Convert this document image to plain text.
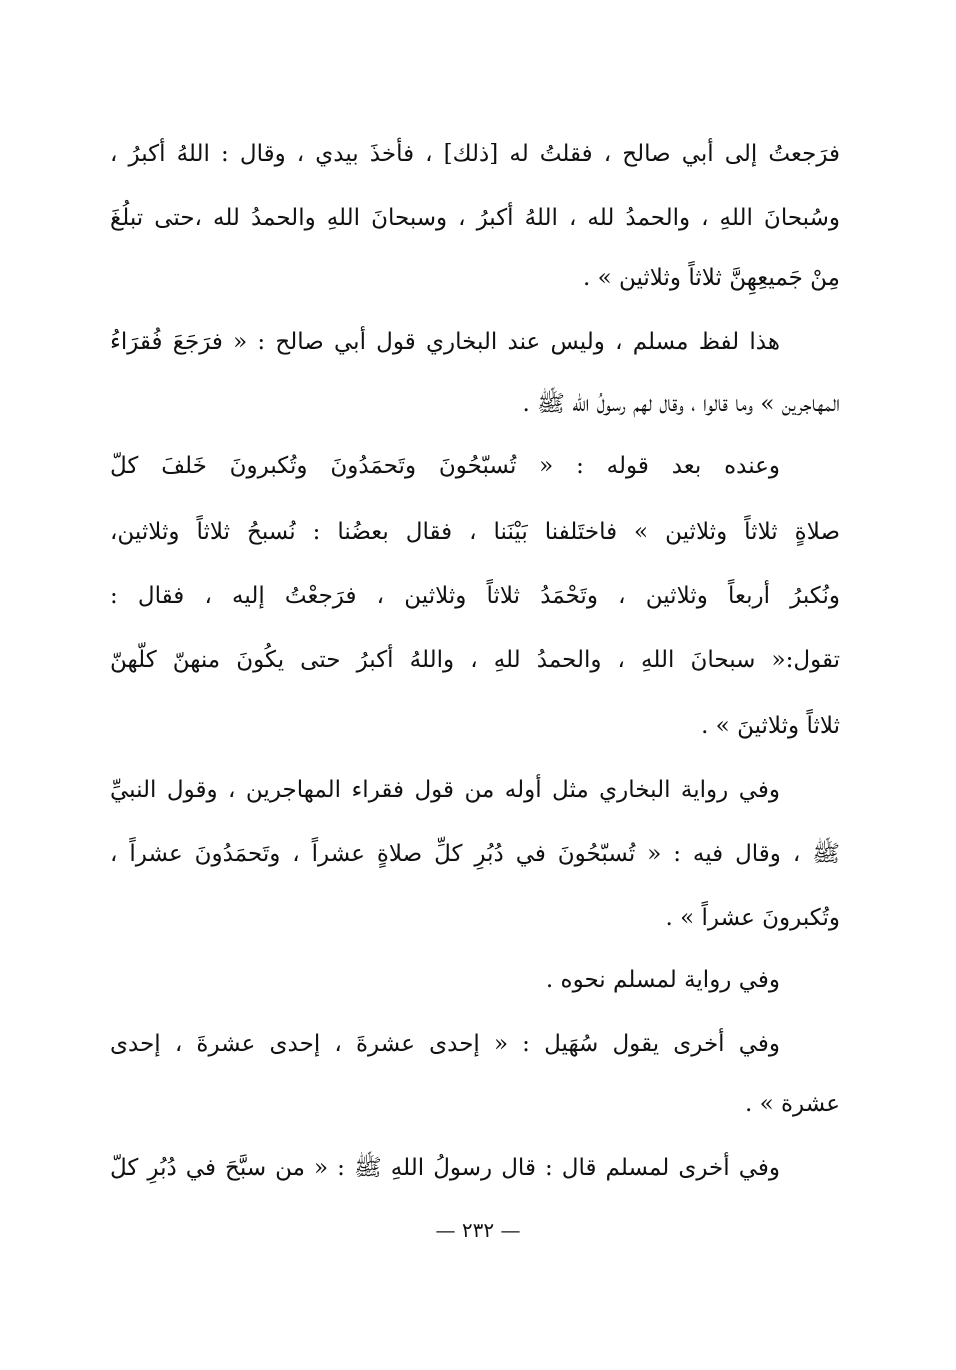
فرَجعتُ إلى أبي صالح ، فقلتُ له [ذلك] ، فأخذَ بيدي ، وقال : اللهُ أكبرُ ،

وسُبحانَ اللهِ ، والحمدُ لله ، اللهُ أكبرُ ، وسبحانَ اللهِ والحمدُ لله ،حتى تبلُغَ

مِنْ جَميعِهِنَّ ثلاثاً وثلاثين » .

هذا لفظ مسلم ، وليس عند البخاري قول أبي صالح : « فرَجَعَ فُقرَاءُ

المهاجرين » وما قالوا ، وقال لهم رسولُ الله ﷺ .

وعنده بعد قوله : « تُسبّحُونَ وتَحمَدُونَ وتُكبرونَ خَلفَ كلّ

صلاةٍ ثلاثاً وثلاثين » فاختَلفنا بَيْنَنا ، فقال بعضُنا : نُسبحُ ثلاثاً وثلاثين،

ونُكبرُ أربعاً وثلاثين ، وتَحْمَدُ ثلاثاً وثلاثين ، فرَجعْتُ إليه ، فقال :

تقول:« سبحانَ اللهِ ، والحمدُ للهِ ، واللهُ أكبرُ حتى يكُونَ منهنّ كلّهنّ

ثلاثاً وثلاثينَ » .

وفي رواية البخاري مثل أوله من قول فقراء المهاجرين ، وقول النبيِّ

ﷺ ، وقال فيه : « تُسبّحُونَ في دُبُرِ كلِّ صلاةٍ عشراً ، وتَحمَدُونَ عشراً ،

وتُكبرونَ عشراً » .

وفي رواية لمسلم نحوه .

وفي أخرى يقول سُهَيل : « إحدى عشرةَ ، إحدى عشرةَ ، إحدى

عشرة » .

وفي أخرى لمسلم قال : قال رسولُ اللهِ ﷺ : « من سبَّحَ في دُبُرِ كلّ

— ٢٣٢ —
